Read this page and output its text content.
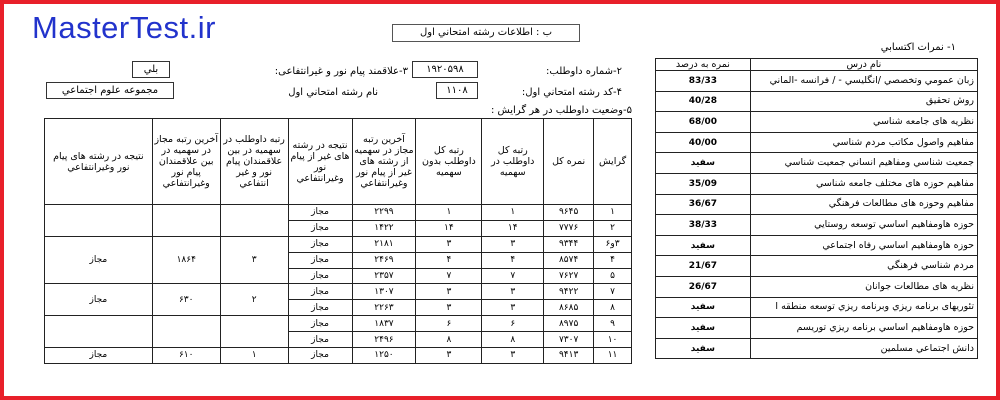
MasterTest.ir	ب : اطلاعات رشته امتحاني اول
۲-شماره داوطلب:
۱۹۲۰۵۹۸
۳-علاقمند پیام نور و غیرانتفاعی:
بلي
۴-کد رشته امتحاني اول:
۱۱۰۸
نام رشته امتحاني اول
مجموعه علوم اجتماعي
۵-وضعیت داوطلب در هر گرایش :
۱- نمرات اکتسابي
نام درس	نمره به درصد
زبان عمومي وتخصصي /انگلیسي - / فرانسه -الماني	83/33
روش تحقیق	40/28
نظریه های جامعه شناسي	68/00
مفاهیم واصول مکاتب مردم شناسي	40/00
جمعیت شناسي ومفاهیم انساني جمعیت شناسي	سفید
مفاهیم حوزه های مختلف جامعه شناسي	35/09
مفاهیم وحوزه های مطالعات فرهنگي	36/67
حوزه هاومفاهیم اساسي توسعه روستایي	38/33
حوزه هاومفاهیم اساسي رفاه اجتماعي	سفید
مردم شناسي فرهنگي	21/67
نظریه های مطالعات جوانان	26/67
تئوریهای برنامه ریزي وبرنامه ریزي توسعه منطقه ا	سفید
حوزه هاومفاهیم اساسي برنامه ریزي توریسم	سفید
دانش اجتماعي مسلمین	سفید
گرایش	نمره کل	رتبه کل داوطلب در سهمیه	رتبه کل داوطلب بدون سهمیه	آخرین رتبه مجاز در سهمیه از رشته های غیر از پیام نور وغیرانتفاعي	نتیجه در رشته های غیر از پیام نور وغیرانتفاعي	رتبه داوطلب در سهمیه در بین علاقمندان پیام نور و غیر انتفاعي	آخرین رتبه مجاز در سهمیه در بین علاقمندان پیام نور وغیرانتفاعي	نتیجه در رشته های پیام نور وغیرانتفاعي
۱	۹۶۴۵	۱	۱	۲۲۹۹	مجاز			
۲	۷۷۷۶	۱۴	۱۴	۱۴۲۲	مجاز			
۳و۶	۹۳۴۴	۳	۳	۲۱۸۱	مجاز	۳	۱۸۶۴	مجاز
۴	۸۵۷۴	۴	۴	۲۴۶۹	مجاز			
۵	۷۶۲۷	۷	۷	۲۳۵۷	مجاز			
۷	۹۴۲۲	۳	۳	۱۳۰۷	مجاز	۲	۶۳۰	مجاز
۸	۸۶۸۵	۳	۳	۲۲۶۳	مجاز			
۹	۸۹۷۵	۶	۶	۱۸۳۷	مجاز			
۱۰	۷۳۰۷	۸	۸	۲۴۹۶	مجاز			
۱۱	۹۴۱۳	۳	۳	۱۲۵۰	مجاز	۱	۶۱۰	مجاز
